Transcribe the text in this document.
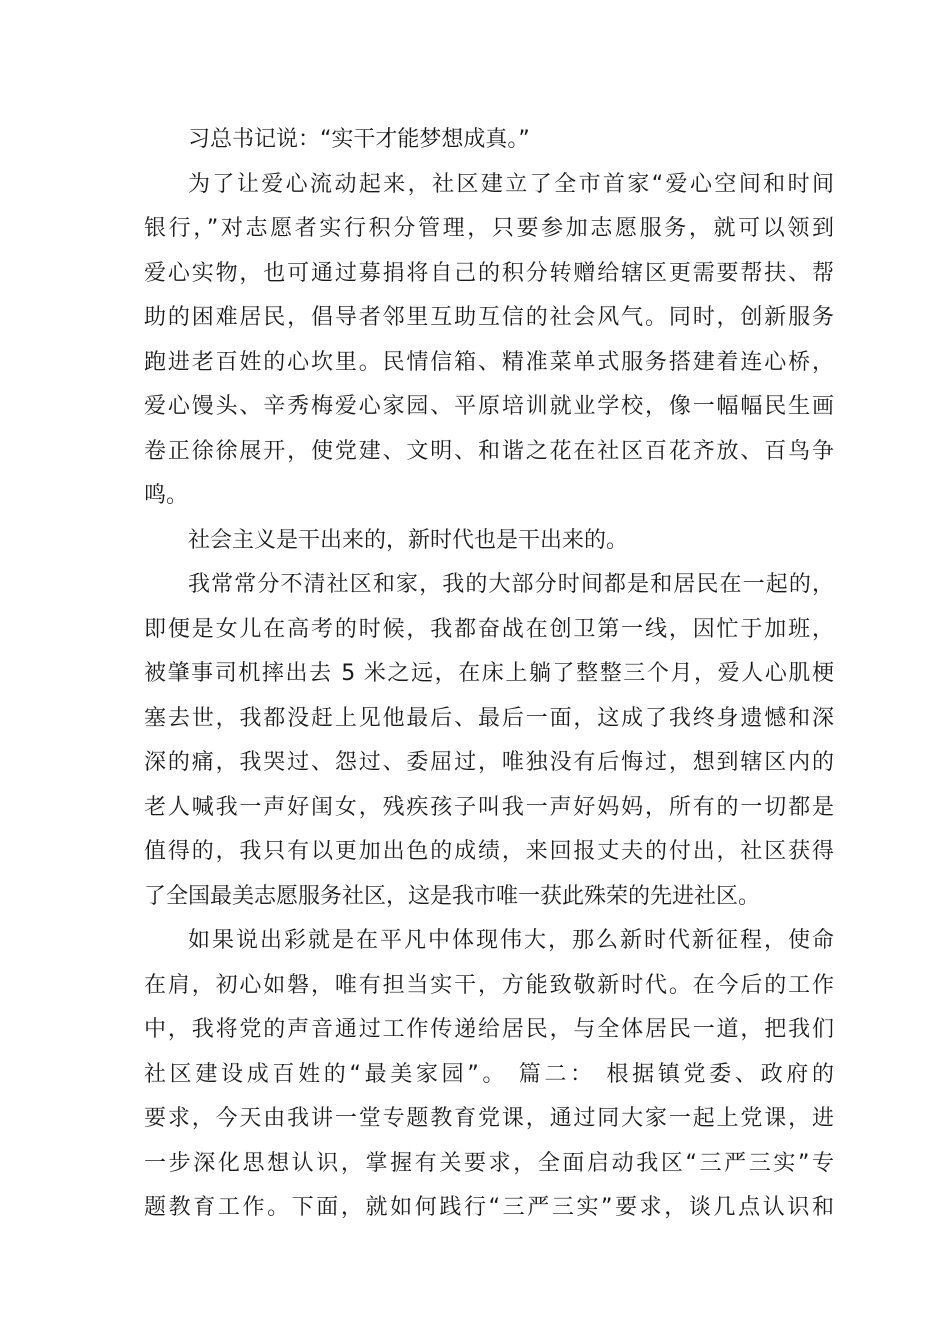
习总书记说：“实干才能梦想成真。”
为了让爱心流动起来，社区建立了全市首家“爱心空间和时间
银行，”对志愿者实行积分管理，只要参加志愿服务，就可以领到
爱心实物，也可通过募捐将自己的积分转赠给辖区更需要帮扶、帮
助的困难居民，倡导者邻里互助互信的社会风气。同时，创新服务
跑进老百姓的心坎里。民情信箱、精准菜单式服务搭建着连心桥，
爱心馒头、辛秀梅爱心家园、平原培训就业学校，像一幅幅民生画
卷正徐徐展开，使党建、文明、和谐之花在社区百花齐放、百鸟争
鸣。
社会主义是干出来的，新时代也是干出来的。
我常常分不清社区和家，我的大部分时间都是和居民在一起的，
即便是女儿在高考的时候，我都奋战在创卫第一线，因忙于加班，
被肇事司机摔出去 5 米之远，在床上躺了整整三个月，爱人心肌梗
塞去世，我都没赶上见他最后、最后一面，这成了我终身遗憾和深
深的痛，我哭过、怨过、委屈过，唯独没有后悔过，想到辖区内的
老人喊我一声好闺女，残疾孩子叫我一声好妈妈，所有的一切都是
值得的，我只有以更加出色的成绩，来回报丈夫的付出，社区获得
了全国最美志愿服务社区，这是我市唯一获此殊荣的先进社区。
如果说出彩就是在平凡中体现伟大，那么新时代新征程，使命
在肩，初心如磐，唯有担当实干，方能致敬新时代。在今后的工作
中，我将党的声音通过工作传递给居民，与全体居民一道，把我们
社区建设成百姓的“最美家园”。 篇二： 根据镇党委、政府的
要求，今天由我讲一堂专题教育党课，通过同大家一起上党课，进
一步深化思想认识，掌握有关要求，全面启动我区“三严三实”专
题教育工作。下面，就如何践行“三严三实”要求，谈几点认识和
